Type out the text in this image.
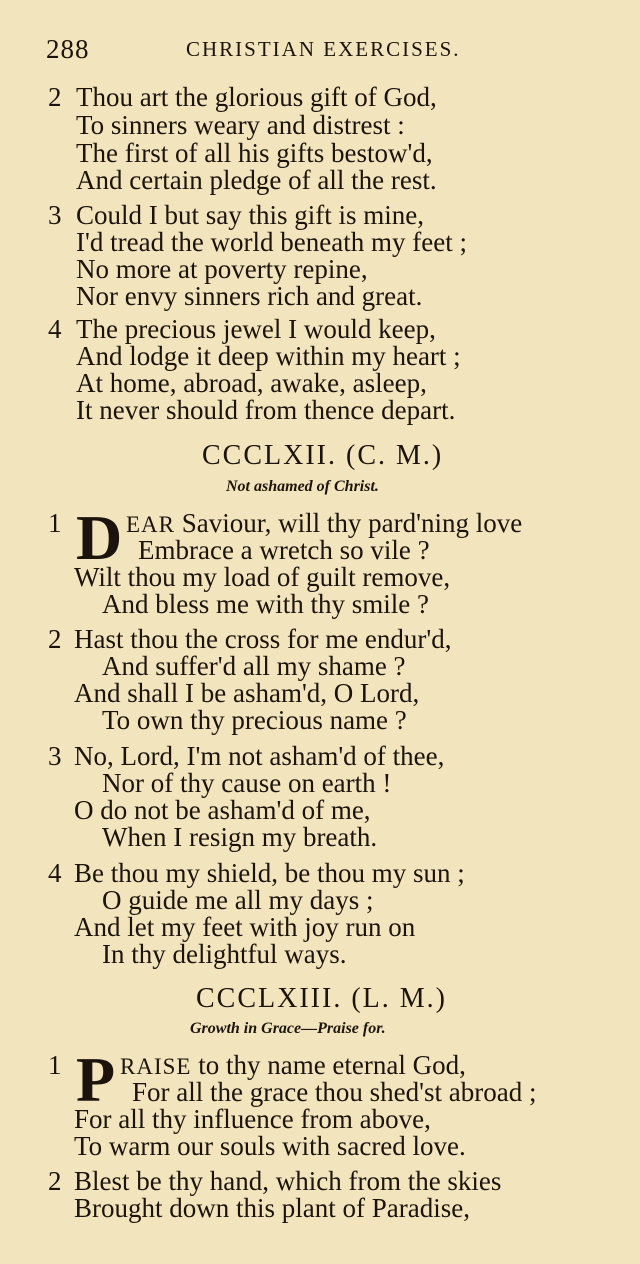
288	CHRISTIAN EXERCISES.
2 Thou art the glorious gift of God,
To sinners weary and distrest :
The first of all his gifts bestow'd,
And certain pledge of all the rest.
3 Could I but say this gift is mine,
I'd tread the world beneath my feet ;
No more at poverty repine,
Nor envy sinners rich and great.
4 The precious jewel I would keep,
And lodge it deep within my heart ;
At home, abroad, awake, asleep,
It never should from thence depart.
CCCLXII. (C. M.)
Not ashamed of Christ.
1 D EAR Saviour, will thy pard'ning love
Embrace a wretch so vile ?
Wilt thou my load of guilt remove,
And bless me with thy smile ?
2 Hast thou the cross for me endur'd,
And suffer'd all my shame ?
And shall I be asham'd, O Lord,
To own thy precious name ?
3 No, Lord, I'm not asham'd of thee,
Nor of thy cause on earth !
O do not be asham'd of me,
When I resign my breath.
4 Be thou my shield, be thou my sun ;
O guide me all my days ;
And let my feet with joy run on
In thy delightful ways.
CCCLXIII. (L. M.)
Growth in Grace—Praise for.
1 P RAISE to thy name eternal God,
For all the grace thou shed'st abroad ;
For all thy influence from above,
To warm our souls with sacred love.
2 Blest be thy hand, which from the skies
Brought down this plant of Paradise,
